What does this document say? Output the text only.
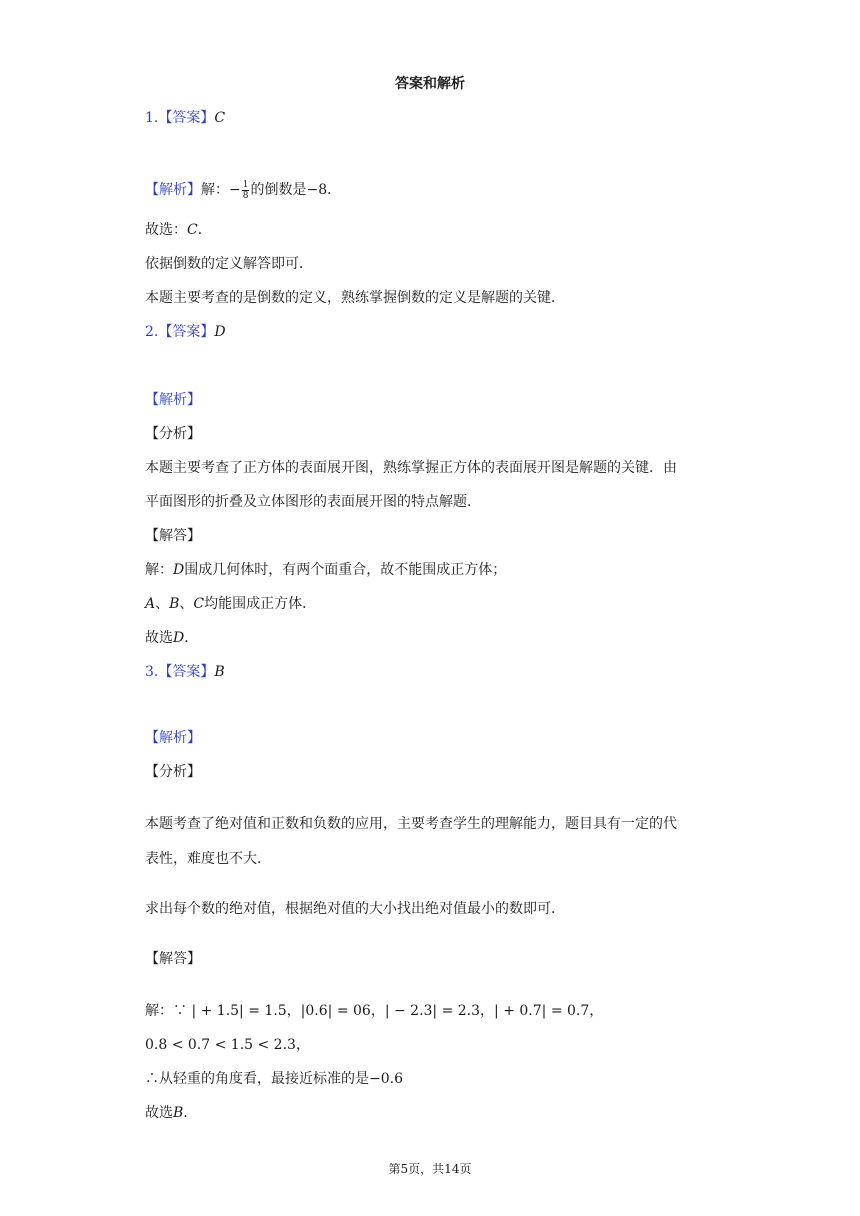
答案和解析
1.【答案】C
【解析】解：− $\frac{1}{8}$ 的倒数是−8．
故选：C．
依据倒数的定义解答即可．
本题主要考查的是倒数的定义，熟练掌握倒数的定义是解题的关键．
2.【答案】D
【解析】
【分析】
本题主要考查了正方体的表面展开图，熟练掌握正方体的表面展开图是解题的关键．由
平面图形的折叠及立体图形的表面展开图的特点解题．
【解答】
解：D围成几何体时，有两个面重合，故不能围成正方体；
A、B、C均能围成正方体．
故选D．
3.【答案】B
【解析】
【分析】
本题考查了绝对值和正数和负数的应用，主要考查学生的理解能力，题目具有一定的代
表性，难度也不大．
求出每个数的绝对值，根据绝对值的大小找出绝对值最小的数即可．
【解答】
解：∵ | + 1.5| = 1.5，|0.6| = 06，| − 2.3| = 2.3，| + 0.7| = 0.7，
0.8 < 0.7 < 1.5 < 2.3，
∴从轻重的角度看，最接近标准的是−0.6
故选B.
第5页，共14页
